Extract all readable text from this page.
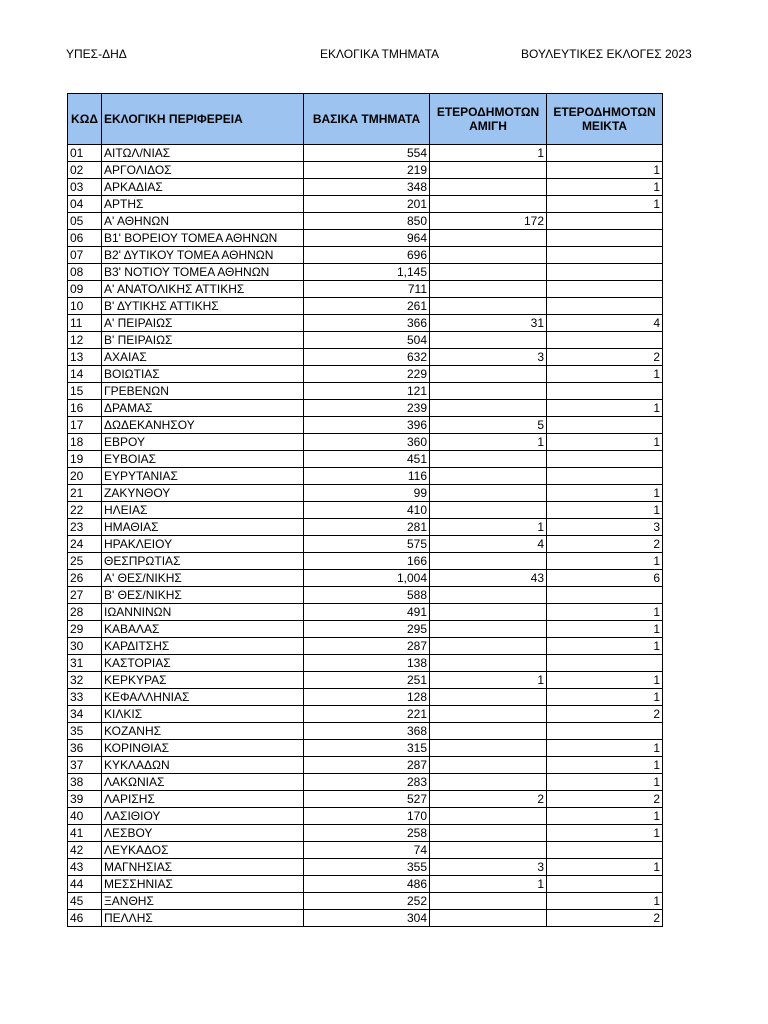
ΥΠΕΣ-ΔΗΔ	ΕΚΛΟΓΙΚΑ ΤΜΗΜΑΤΑ	ΒΟΥΛΕΥΤΙΚΕΣ ΕΚΛΟΓΕΣ 2023
ΚΩΔ	ΕΚΛΟΓΙΚΗ ΠΕΡΙΦΕΡΕΙΑ	ΒΑΣΙΚΑ ΤΜΗΜΑΤΑ	ΕΤΕΡΟΔΗΜΟΤΩΝ ΑΜΙΓΗ	ΕΤΕΡΟΔΗΜΟΤΩΝ ΜΕΙΚΤΑ
01	ΑΙΤΩΛ/ΝΙΑΣ	554	1	
02	ΑΡΓΟΛΙΔΟΣ	219		1
03	ΑΡΚΑΔΙΑΣ	348		1
04	ΑΡΤΗΣ	201		1
05	Α' ΑΘΗΝΩΝ	850	172	
06	Β1' ΒΟΡΕΙΟΥ ΤΟΜΕΑ ΑΘΗΝΩΝ	964		
07	Β2' ΔΥΤΙΚΟΥ ΤΟΜΕΑ ΑΘΗΝΩΝ	696		
08	Β3' ΝΟΤΙΟΥ ΤΟΜΕΑ ΑΘΗΝΩΝ	1,145		
09	Α' ΑΝΑΤΟΛΙΚΗΣ ΑΤΤΙΚΗΣ	711		
10	Β' ΔΥΤΙΚΗΣ ΑΤΤΙΚΗΣ	261		
11	Α' ΠΕΙΡΑΙΩΣ	366	31	4
12	Β' ΠΕΙΡΑΙΩΣ	504		
13	ΑΧΑΙΑΣ	632	3	2
14	ΒΟΙΩΤΙΑΣ	229		1
15	ΓΡΕΒΕΝΩΝ	121		
16	ΔΡΑΜΑΣ	239		1
17	ΔΩΔΕΚΑΝΗΣΟΥ	396	5	
18	ΕΒΡΟΥ	360	1	1
19	ΕΥΒΟΙΑΣ	451		
20	ΕΥΡΥΤΑΝΙΑΣ	116		
21	ΖΑΚΥΝΘΟΥ	99		1
22	ΗΛΕΙΑΣ	410		1
23	ΗΜΑΘΙΑΣ	281	1	3
24	ΗΡΑΚΛΕΙΟΥ	575	4	2
25	ΘΕΣΠΡΩΤΙΑΣ	166		1
26	Α' ΘΕΣ/ΝΙΚΗΣ	1,004	43	6
27	Β' ΘΕΣ/ΝΙΚΗΣ	588		
28	ΙΩΑΝΝΙΝΩΝ	491		1
29	ΚΑΒΑΛΑΣ	295		1
30	ΚΑΡΔΙΤΣΗΣ	287		1
31	ΚΑΣΤΟΡΙΑΣ	138		
32	ΚΕΡΚΥΡΑΣ	251	1	1
33	ΚΕΦΑΛΛΗΝΙΑΣ	128		1
34	ΚΙΛΚΙΣ	221		2
35	ΚΟΖΑΝΗΣ	368		
36	ΚΟΡΙΝΘΙΑΣ	315		1
37	ΚΥΚΛΑΔΩΝ	287		1
38	ΛΑΚΩΝΙΑΣ	283		1
39	ΛΑΡΙΣΗΣ	527	2	2
40	ΛΑΣΙΘΙΟΥ	170		1
41	ΛΕΣΒΟΥ	258		1
42	ΛΕΥΚΑΔΟΣ	74		
43	ΜΑΓΝΗΣΙΑΣ	355	3	1
44	ΜΕΣΣΗΝΙΑΣ	486	1	
45	ΞΑΝΘΗΣ	252		1
46	ΠΕΛΛΗΣ	304		2
